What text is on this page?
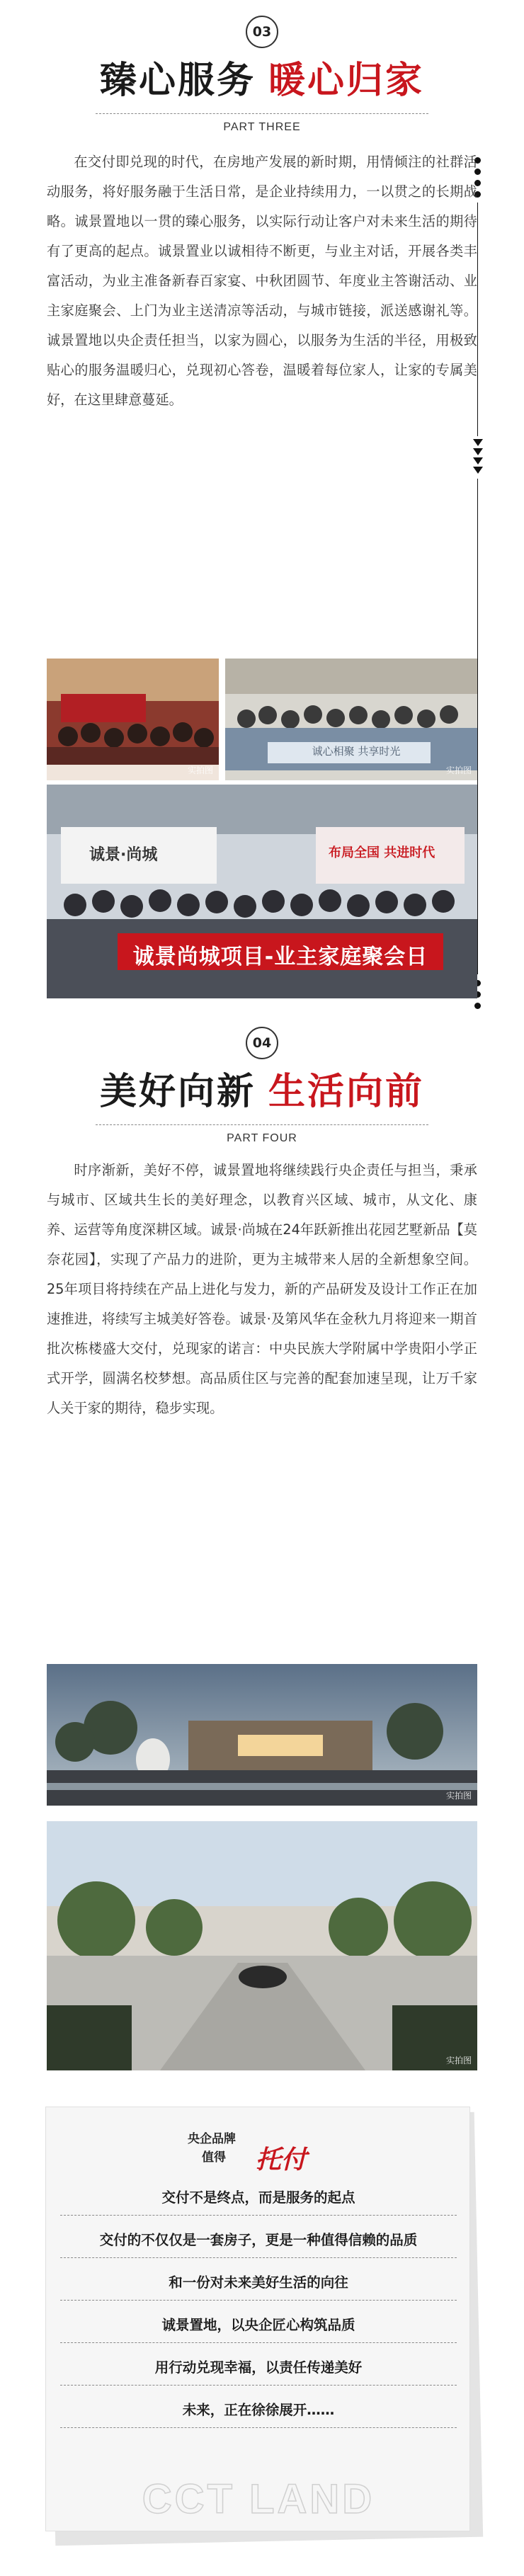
03
臻心服务 暖心归家
PART THREE
在交付即兑现的时代，在房地产发展的新时期，用情倾注的社群活动服务，将好服务融于生活日常，是企业持续用力，一以贯之的长期战略。诚景置地以一贯的臻心服务，以实际行动让客户对未来生活的期待有了更高的起点。诚景置业以诚相待不断更，与业主对话，开展各类丰富活动，为业主准备新春百家宴、中秋团圆节、年度业主答谢活动、业主家庭聚会、上门为业主送清凉等活动，与城市链接，派送感谢礼等。诚景置地以央企责任担当，以家为圆心，以服务为生活的半径，用极致贴心的服务温暖归心，兑现初心答卷，温暖着每位家人，让家的专属美好，在这里肆意蔓延。
实拍图
诚心相聚 共享时光
实拍图
诚景·尚城	布局全国 共进时代
诚景尚城项目-业主家庭聚会日
04
美好向新 生活向前
PART FOUR
时序渐新，美好不停，诚景置地将继续践行央企责任与担当，秉承与城市、区域共生长的美好理念，以教育兴区域、城市，从文化、康养、运营等角度深耕区域。诚景·尚城在24年跃新推出花园艺墅新品【莫奈花园】，实现了产品力的进阶，更为主城带来人居的全新想象空间。25年项目将持续在产品上进化与发力，新的产品研发及设计工作正在加速推进，将续写主城美好答卷。诚景·及第风华在金秋九月将迎来一期首批次栋楼盛大交付，兑现家的诺言：中央民族大学附属中学贵阳小学正式开学，圆满名校梦想。高品质住区与完善的配套加速呈现，让万千家人关于家的期待，稳步实现。
实拍图
实拍图
央企品牌
值得 托付
交付不是终点，而是服务的起点
交付的不仅仅是一套房子，更是一种值得信赖的品质
和一份对未来美好生活的向往
诚景置地，以央企匠心构筑品质
用行动兑现幸福，以责任传递美好
未来，正在徐徐展开……
CCT LAND
